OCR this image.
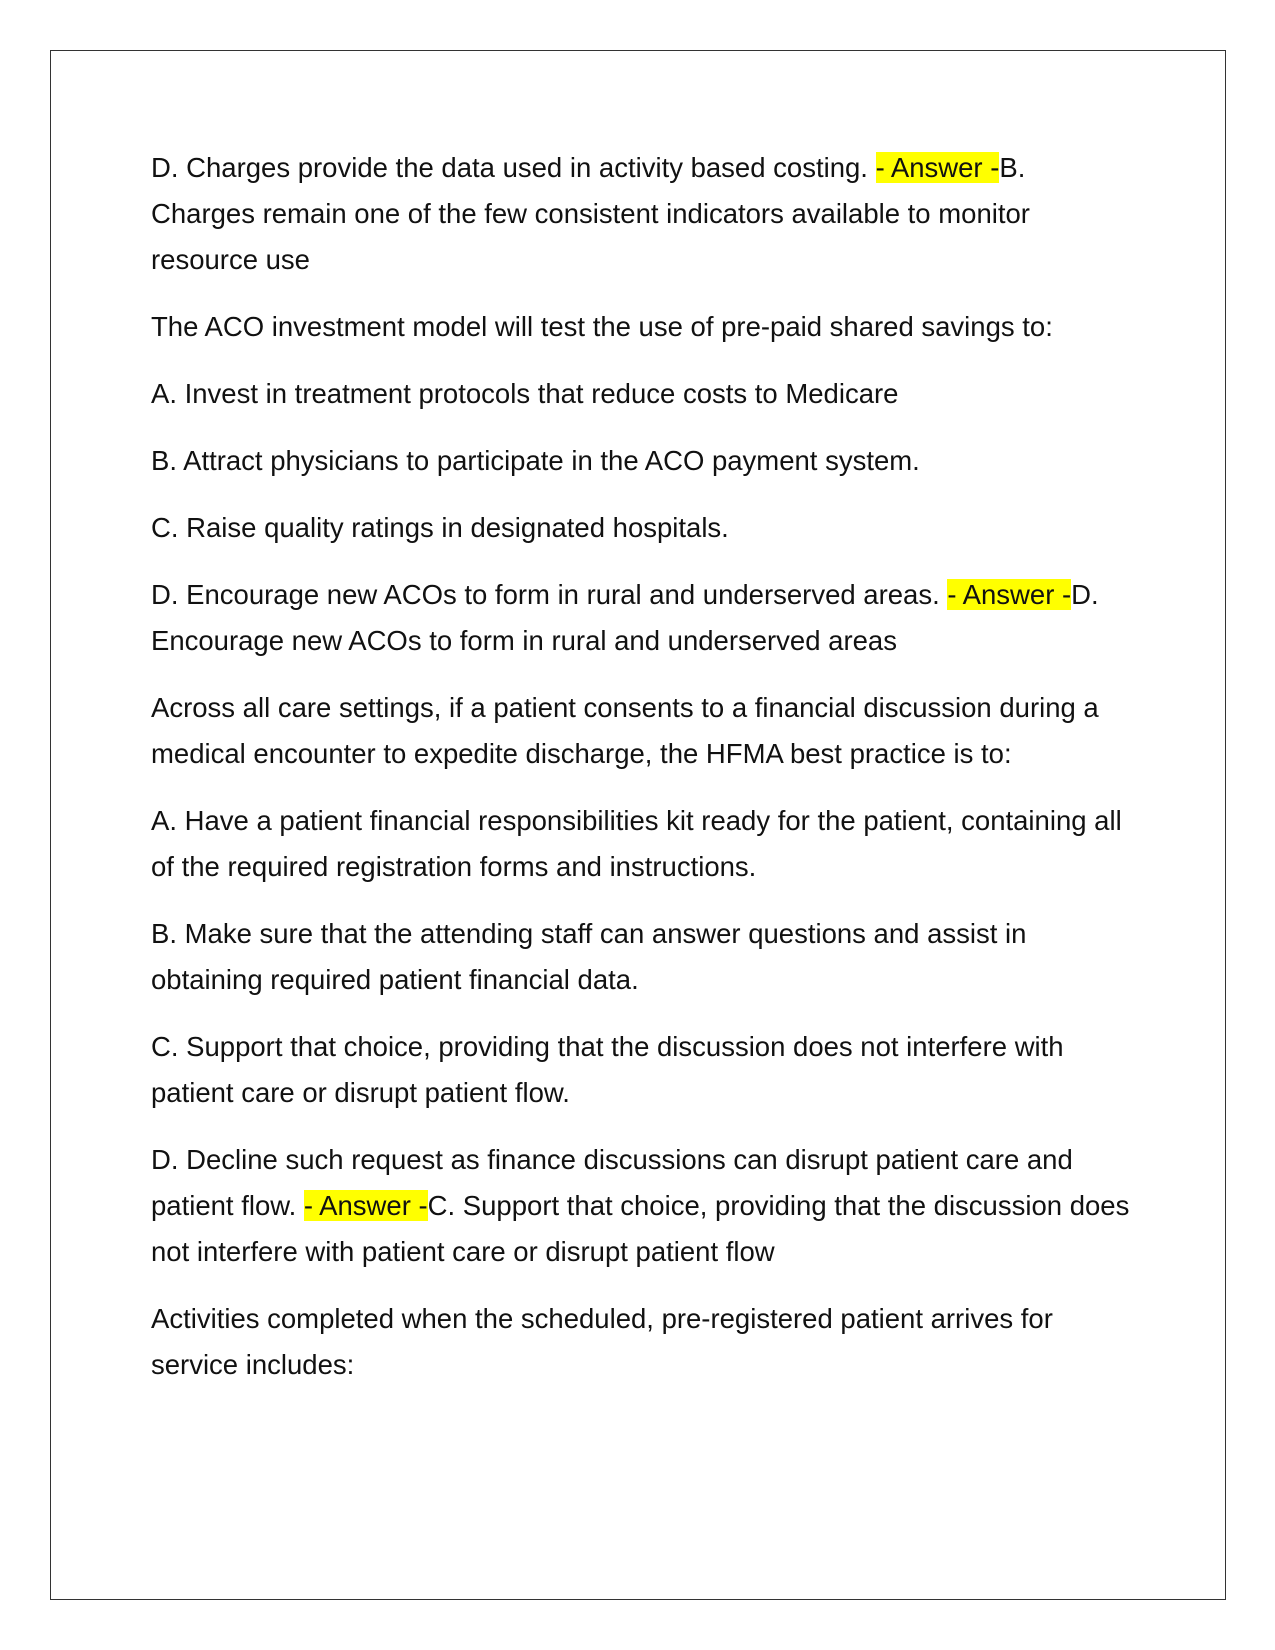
D. Charges provide the data used in activity based costing. - Answer -B. Charges remain one of the few consistent indicators available to monitor resource use

The ACO investment model will test the use of pre-paid shared savings to:

A. Invest in treatment protocols that reduce costs to Medicare

B. Attract physicians to participate in the ACO payment system.

C. Raise quality ratings in designated hospitals.

D. Encourage new ACOs to form in rural and underserved areas. - Answer -D. Encourage new ACOs to form in rural and underserved areas

Across all care settings, if a patient consents to a financial discussion during a medical encounter to expedite discharge, the HFMA best practice is to:

A. Have a patient financial responsibilities kit ready for the patient, containing all of the required registration forms and instructions.

B. Make sure that the attending staff can answer questions and assist in obtaining required patient financial data.

C. Support that choice, providing that the discussion does not interfere with patient care or disrupt patient flow.

D. Decline such request as finance discussions can disrupt patient care and patient flow. - Answer -C. Support that choice, providing that the discussion does not interfere with patient care or disrupt patient flow

Activities completed when the scheduled, pre-registered patient arrives for service includes:
